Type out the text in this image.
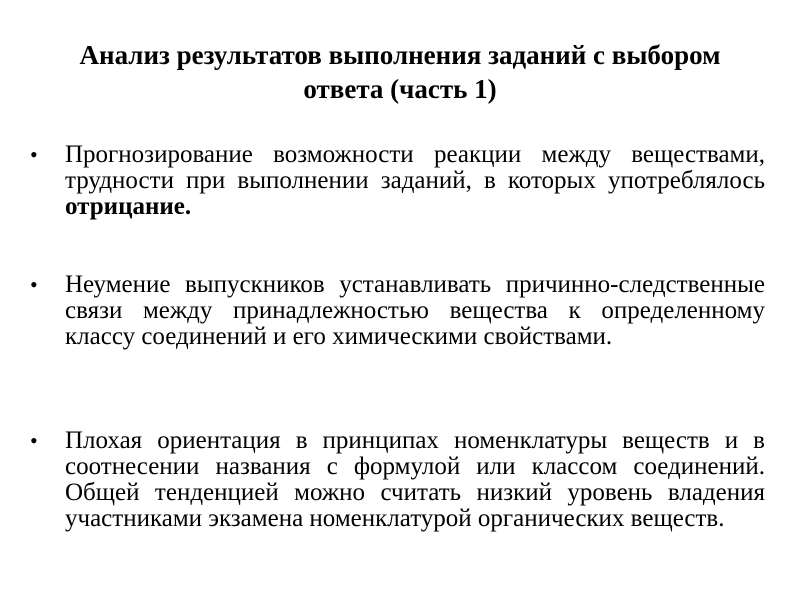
Анализ результатов выполнения заданий с выбором ответа (часть 1)
• Прогнозирование возможности реакции между веществами, трудности при выполнении заданий, в которых употреблялось отрицание.
• Неумение выпускников устанавливать причинно-следственные связи между принадлежностью вещества к определенному классу соединений и его химическими свойствами.
• Плохая ориентация в принципах номенклатуры веществ и в соотнесении названия с формулой или классом соединений. Общей тенденцией можно считать низкий уровень владения участниками экзамена номенклатурой органических веществ.
